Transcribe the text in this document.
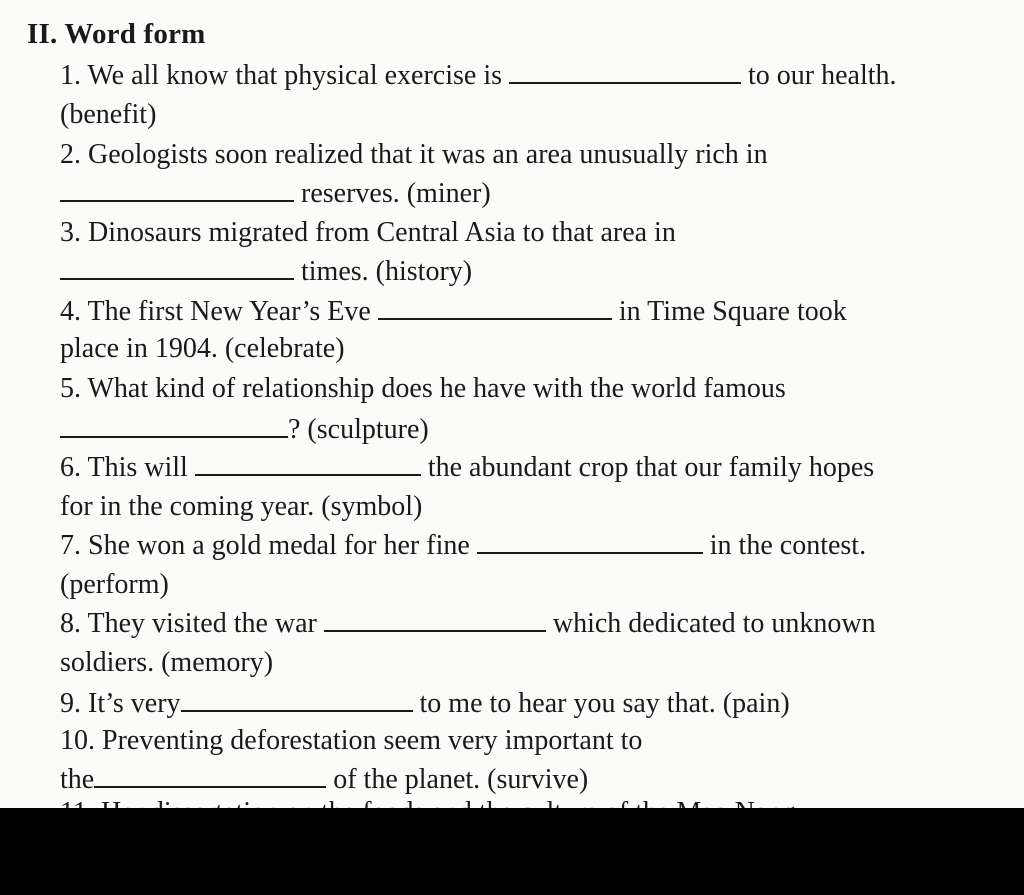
II. Word form
1. We all know that physical exercise is	to our health.
(benefit)
2. Geologists soon realized that it was an area unusually rich in
reserves. (miner)
3. Dinosaurs migrated from Central Asia to that area in
times. (history)
4. The first New Year’s Eve	in Time Square took
place in 1904. (celebrate)
5. What kind of relationship does he have with the world famous
? (sculpture)
6. This will	the abundant crop that our family hopes
for in the coming year. (symbol)
7. She won a gold medal for her fine	in the contest.
(perform)
8. They visited the war	which dedicated to unknown
soldiers. (memory)
9. It’s very	to me to hear you say that. (pain)
10. Preventing deforestation seem very important to
the	of the planet. (survive)
